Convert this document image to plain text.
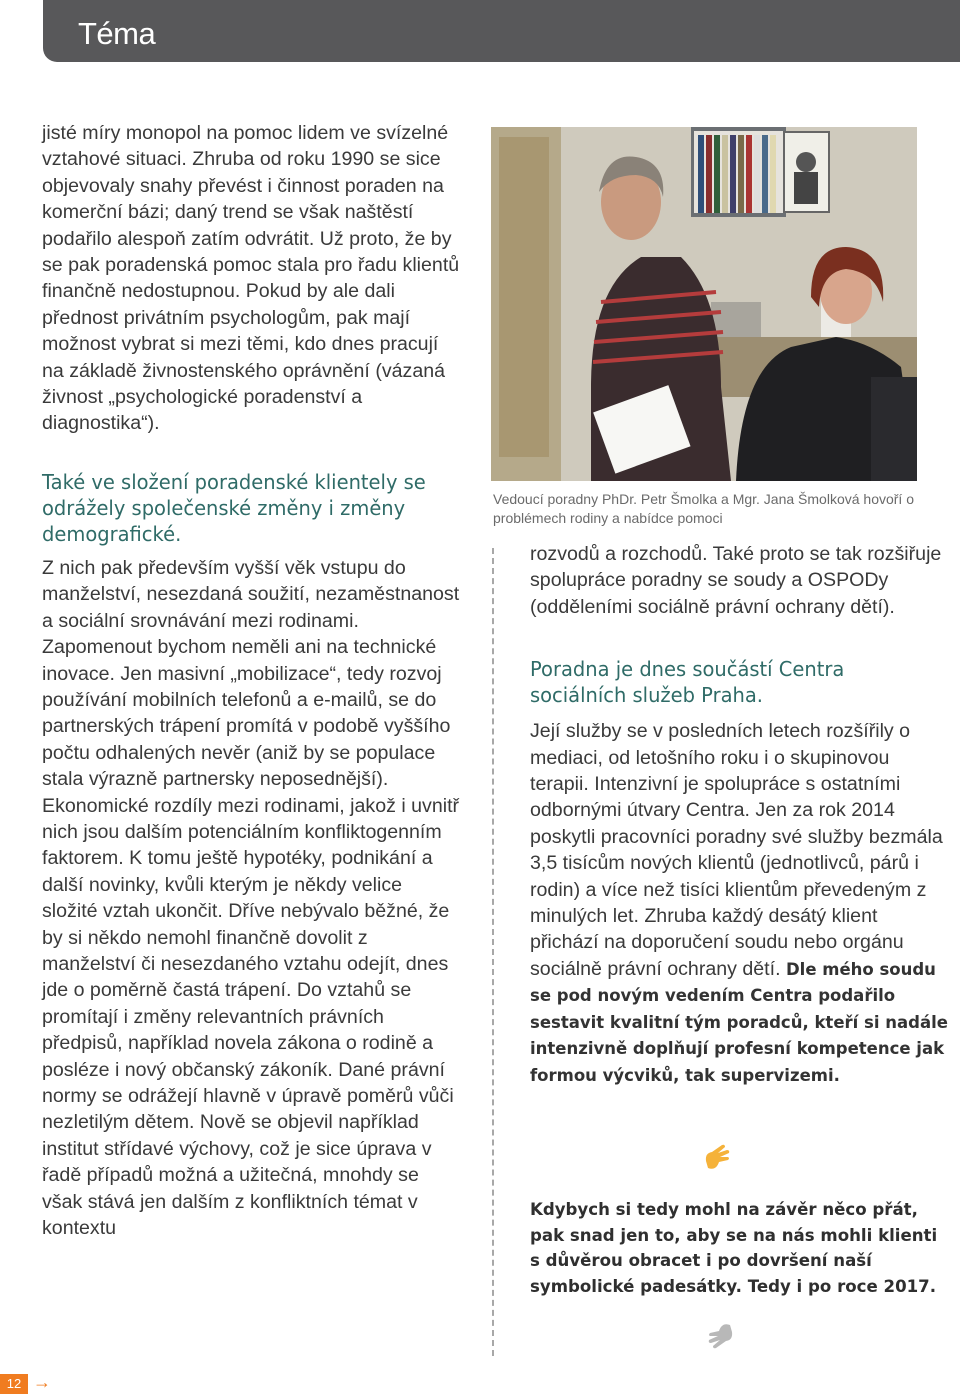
Téma

jisté míry monopol na pomoc lidem ve svízelné vztahové situaci. Zhruba od roku 1990 se sice objevovaly snahy převést i činnost poraden na komerční bázi; daný trend se však naštěstí podařilo alespoň zatím odvrátit. Už proto, že by se pak poradenská pomoc stala pro řadu klientů finančně nedostupnou. Pokud by ale dali přednost privátním psychologům, pak mají možnost vybrat si mezi těmi, kdo dnes pracují na základě živnostenského oprávnění (vázaná živnost „psychologické poradenství a diagnostika“).

Také ve složení poradenské klientely se odrážely společenské změny i změny demografické.

Z nich pak především vyšší věk vstupu do manželství, nesezdaná soužití, nezaměstnanost a sociální srovnávání mezi rodinami. Zapomenout bychom neměli ani na technické inovace. Jen masivní „mobilizace“, tedy rozvoj používání mobilních telefonů a e-mailů, se do partnerských trápení promítá v podobě vyššího počtu odhalených nevěr (aniž by se populace stala výrazně partnersky neposednější). Ekonomické rozdíly mezi rodinami, jakož i uvnitř nich jsou dalším potenciálním konfliktogenním faktorem. K tomu ještě hypotéky, podnikání a další novinky, kvůli kterým je někdy velice složité vztah ukončit. Dříve nebývalo běžné, že by si někdo nemohl finančně dovolit z manželství či nesezdaného vztahu odejít, dnes jde o poměrně častá trápení. Do vztahů se promítají i změny relevantních právních předpisů, například novela zákona o rodině a posléze i nový občanský zákoník. Dané právní normy se odrážejí hlavně v úpravě poměrů vůči nezletilým dětem. Nově se objevil například institut střídavé výchovy, což je sice úprava v řadě případů možná a užitečná, mnohdy se však stává jen dalším z konfliktních témat v kontextu

Vedoucí poradny PhDr. Petr Šmolka a Mgr. Jana Šmolková hovoří o problémech rodiny a nabídce pomoci

rozvodů a rozchodů. Také proto se tak rozšiřuje spolupráce poradny se soudy a OSPODy (odděleními sociálně právní ochrany dětí).

Poradna je dnes součástí Centra sociálních služeb Praha.

Její služby se v posledních letech rozšířily o mediaci, od letošního roku i o skupinovou terapii. Intenzivní je spolupráce s ostatními odbornými útvary Centra. Jen za rok 2014 poskytli pracovníci poradny své služby bezmála 3,5 tisícům nových klientů (jednotlivců, párů i rodin) a více než tisíci klientům převedeným z minulých let. Zhruba každý desátý klient přichází na doporučení soudu nebo orgánu sociálně právní ochrany dětí. Dle mého soudu se pod novým vedením Centra podařilo sestavit kvalitní tým poradců, kteří si nadále intenzivně doplňují profesní kompetence jak formou výcviků, tak supervizemi.

Kdybych si tedy mohl na závěr něco přát, pak snad jen to, aby se na nás mohli klienti s důvěrou obracet i po dovršení naší symbolické padesátky. Tedy i po roce 2017.

12 →
